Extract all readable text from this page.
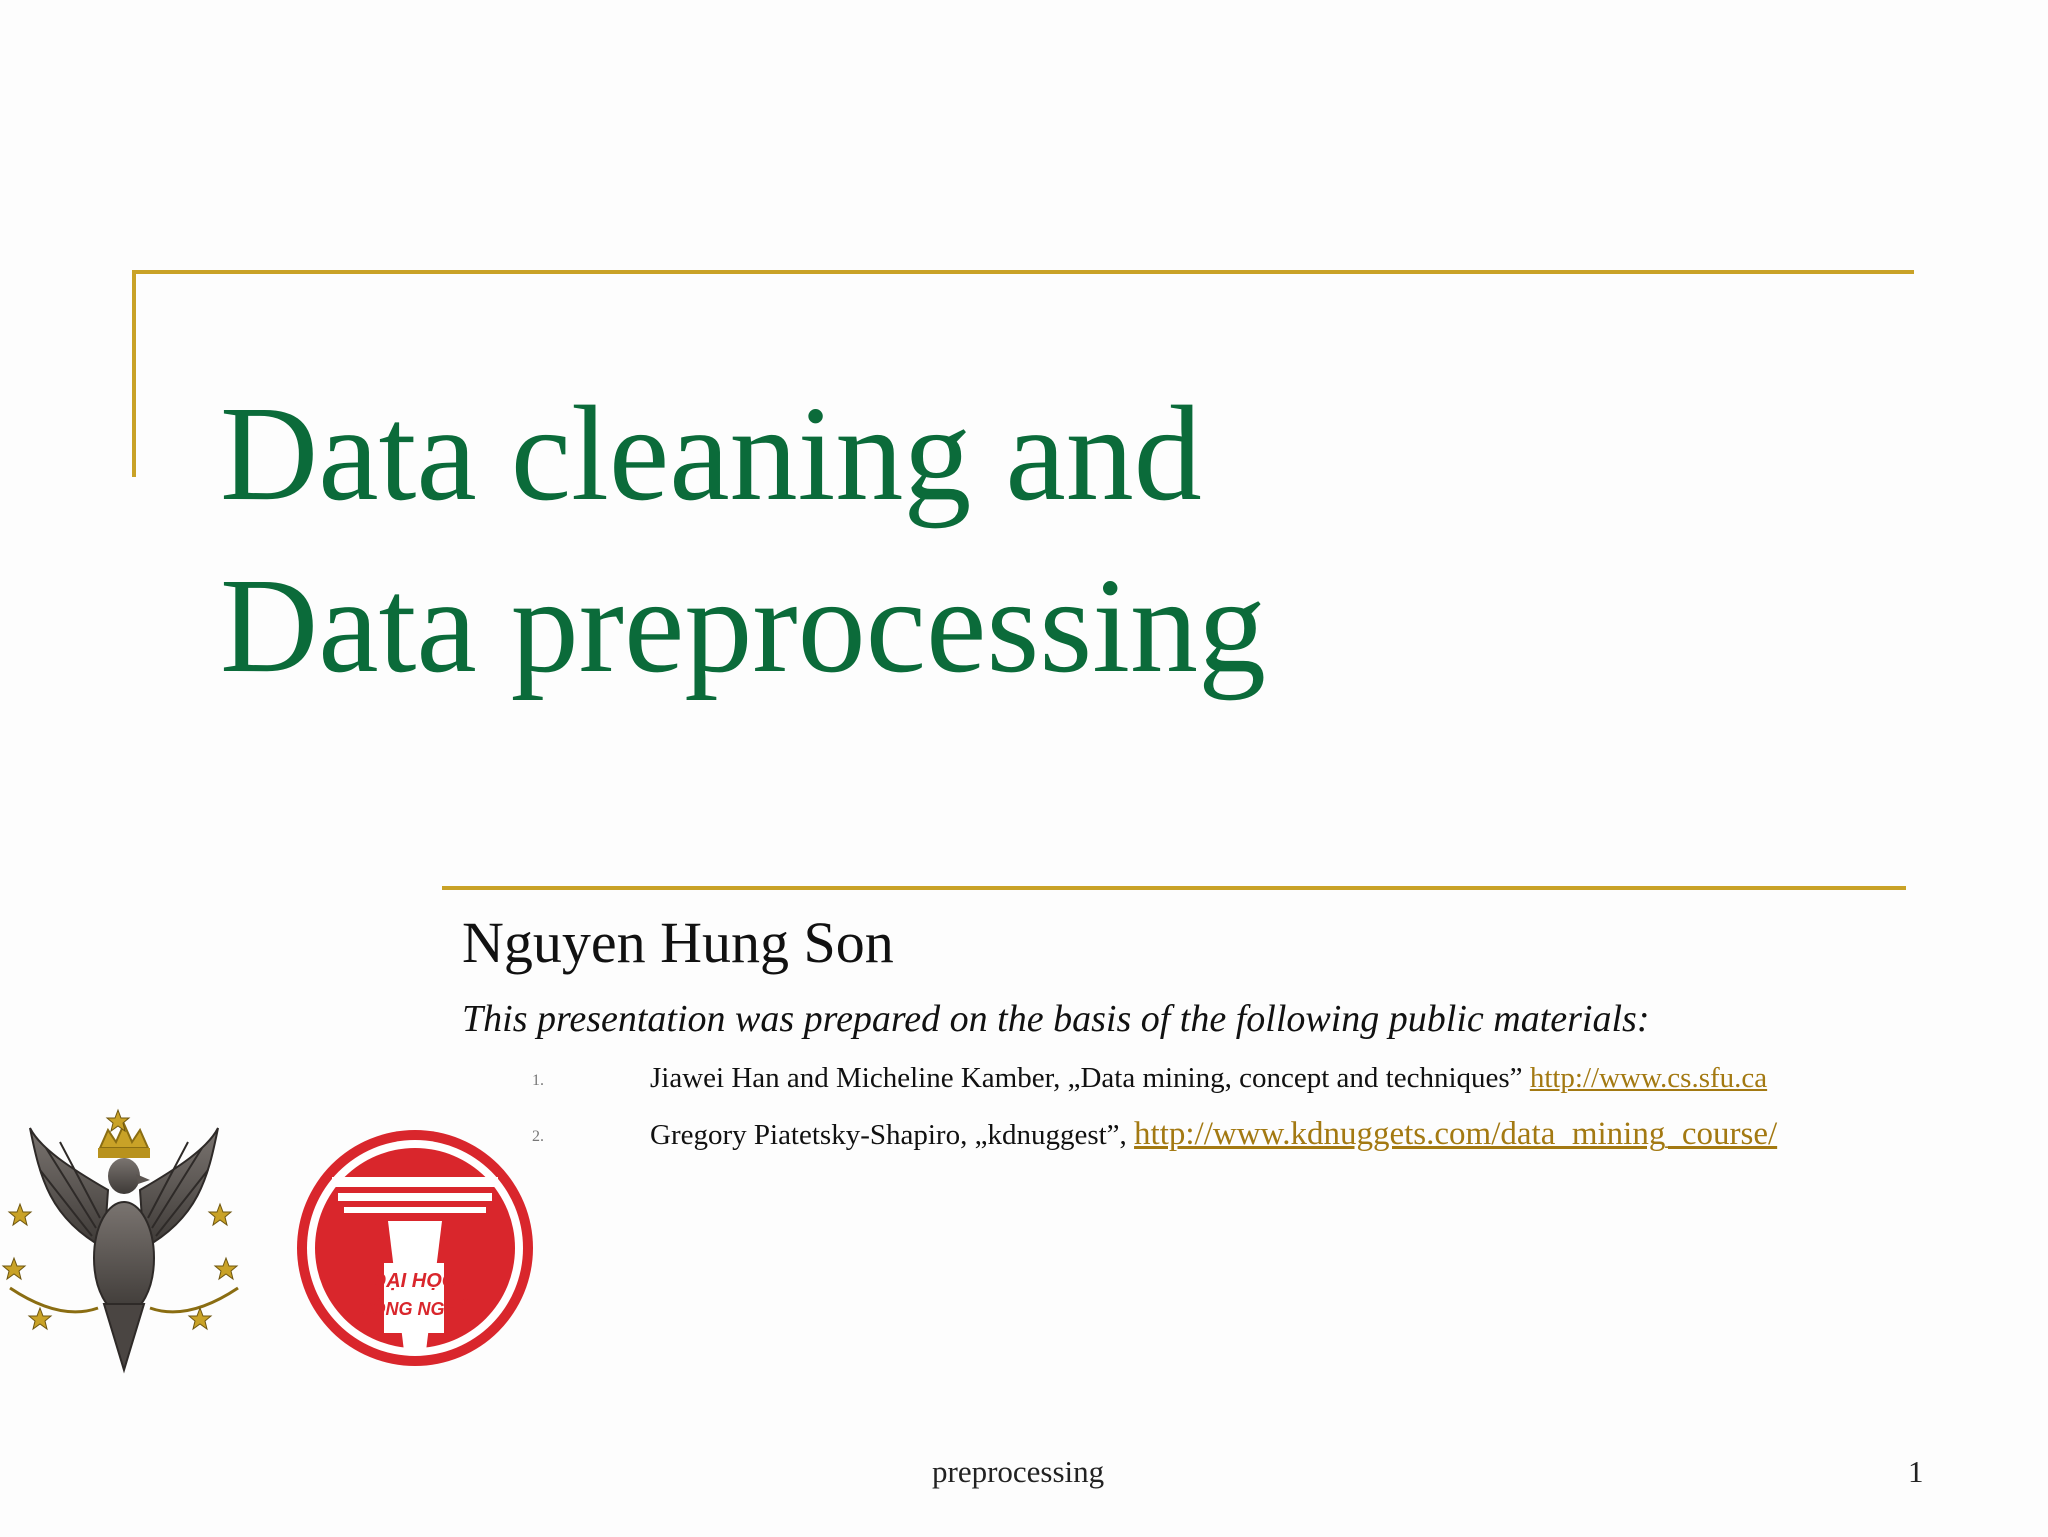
Data cleaning and
Data preprocessing
Nguyen Hung Son
This presentation was prepared on the basis of the following public materials:
1.	Jiawei Han and Micheline Kamber, „Data mining, concept and techniques” http://www.cs.sfu.ca
2.	Gregory Piatetsky-Shapiro, „kdnuggest”, http://www.kdnuggets.com/data_mining_course/
ĐẠI HỌC
CÔNG NGHỆ
preprocessing	1
